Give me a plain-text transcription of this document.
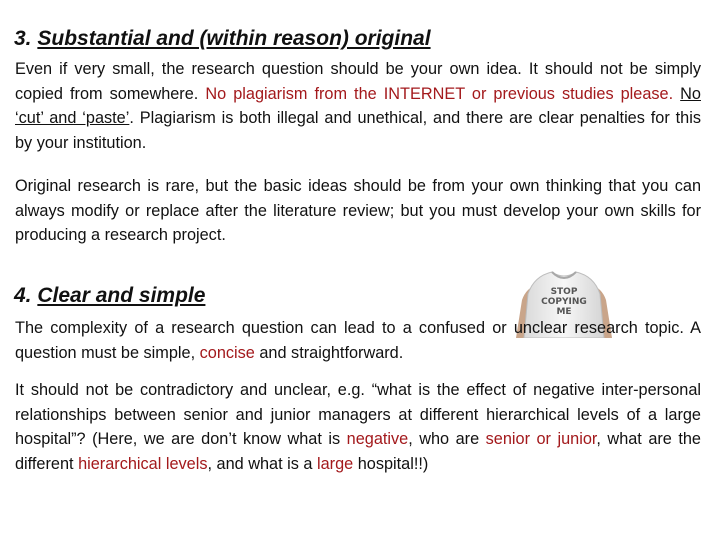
3. Substantial and (within reason) original

Even if very small, the research question should be your own idea. It should not be simply copied from somewhere. No plagiarism from the INTERNET or previous studies please. No ‘cut’ and ‘paste’. Plagiarism is both illegal and unethical, and there are clear penalties for this by your institution.

Original research is rare, but the basic ideas should be from your own thinking that you can always modify or replace after the literature review; but you must develop your own skills for producing a research project.

STOP
COPYING
ME
4. Clear and simple

The complexity of a research question can lead to a confused or unclear research topic. A question must be simple, concise and straightforward.

It should not be contradictory and unclear, e.g. “what is the effect of negative inter-personal relationships between senior and junior managers at different hierarchical levels of a large hospital”? (Here, we are don’t know what is negative, who are senior or junior, what are the different hierarchical levels, and what is a large hospital!!)
